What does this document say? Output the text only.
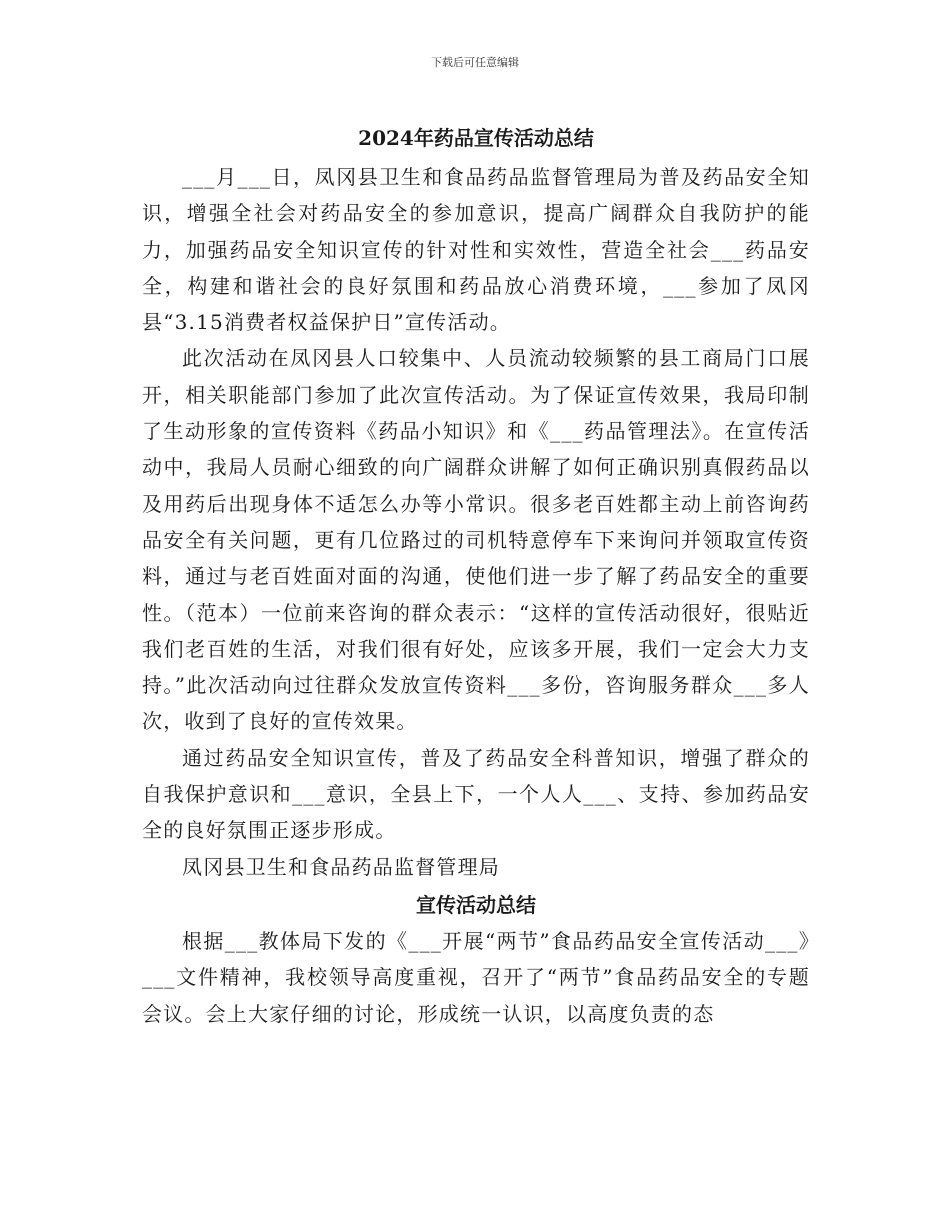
下载后可任意编辑
2024年药品宣传活动总结

___月___日，凤冈县卫生和食品药品监督管理局为普及药品安全知识，增强全社会对药品安全的参加意识，提高广阔群众自我防护的能力，加强药品安全知识宣传的针对性和实效性，营造全社会___药品安全，构建和谐社会的良好氛围和药品放心消费环境，___参加了凤冈县“3.15消费者权益保护日”宣传活动。

此次活动在凤冈县人口较集中、人员流动较频繁的县工商局门口展开，相关职能部门参加了此次宣传活动。为了保证宣传效果，我局印制了生动形象的宣传资料《药品小知识》和《___药品管理法》。在宣传活动中，我局人员耐心细致的向广阔群众讲解了如何正确识别真假药品以及用药后出现身体不适怎么办等小常识。很多老百姓都主动上前咨询药品安全有关问题，更有几位路过的司机特意停车下来询问并领取宣传资料，通过与老百姓面对面的沟通，使他们进一步了解了药品安全的重要性。（范本）一位前来咨询的群众表示：“这样的宣传活动很好，很贴近我们老百姓的生活，对我们很有好处，应该多开展，我们一定会大力支持。”此次活动向过往群众发放宣传资料___多份，咨询服务群众___多人次，收到了良好的宣传效果。

通过药品安全知识宣传，普及了药品安全科普知识，增强了群众的自我保护意识和___意识，全县上下，一个人人___、支持、参加药品安全的良好氛围正逐步形成。

凤冈县卫生和食品药品监督管理局

宣传活动总结

根据___教体局下发的《___开展“两节”食品药品安全宣传活动___》___文件精神，我校领导高度重视，召开了“两节”食品药品安全的专题会议。会上大家仔细的讨论，形成统一认识，以高度负责的态
